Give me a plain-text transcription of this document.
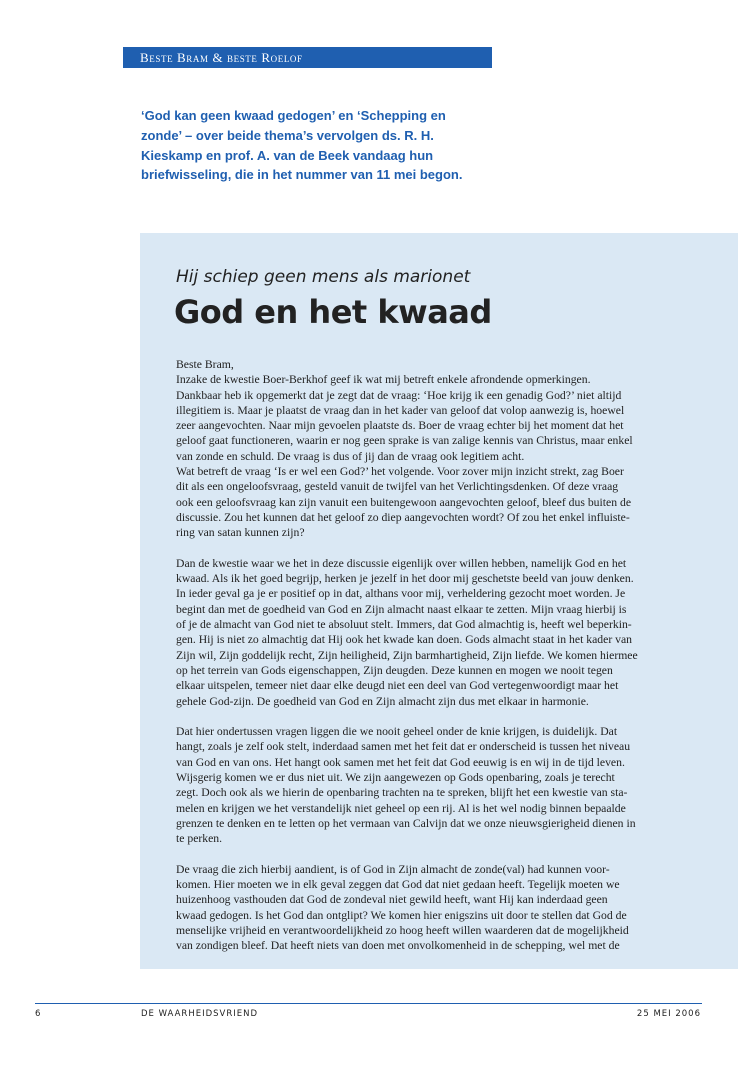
Beste Bram & beste Roelof
‘God kan geen kwaad gedogen’ en ‘Schepping en
zonde’ – over beide thema’s vervolgen ds. R. H.
Kieskamp en prof. A. van de Beek vandaag hun
briefwisseling, die in het nummer van 11 mei begon.
Hij schiep geen mens als marionet
God en het kwaad
Beste Bram,
Inzake de kwestie Boer-Berkhof geef ik wat mij betreft enkele afrondende opmerkingen.
Dankbaar heb ik opgemerkt dat je zegt dat de vraag: ‘Hoe krijg ik een genadig God?’ niet altijd
illegitiem is. Maar je plaatst de vraag dan in het kader van geloof dat volop aanwezig is, hoewel
zeer aangevochten. Naar mijn gevoelen plaatste ds. Boer de vraag echter bij het moment dat het
geloof gaat functioneren, waarin er nog geen sprake is van zalige kennis van Christus, maar enkel
van zonde en schuld. De vraag is dus of jij dan de vraag ook legitiem acht.
Wat betreft de vraag ‘Is er wel een God?’ het volgende. Voor zover mijn inzicht strekt, zag Boer
dit als een ongeloofsvraag, gesteld vanuit de twijfel van het Verlichtingsdenken. Of deze vraag
ook een geloofsvraag kan zijn vanuit een buitengewoon aangevochten geloof, bleef dus buiten de
discussie. Zou het kunnen dat het geloof zo diep aangevochten wordt? Of zou het enkel influiste-
ring van satan kunnen zijn?
Dan de kwestie waar we het in deze discussie eigenlijk over willen hebben, namelijk God en het
kwaad. Als ik het goed begrijp, herken je jezelf in het door mij geschetste beeld van jouw denken.
In ieder geval ga je er positief op in dat, althans voor mij, verheldering gezocht moet worden. Je
begint dan met de goedheid van God en Zijn almacht naast elkaar te zetten. Mijn vraag hierbij is
of je de almacht van God niet te absoluut stelt. Immers, dat God almachtig is, heeft wel beperkin-
gen. Hij is niet zo almachtig dat Hij ook het kwade kan doen. Gods almacht staat in het kader van
Zijn wil, Zijn goddelijk recht, Zijn heiligheid, Zijn barmhartigheid, Zijn liefde. We komen hiermee
op het terrein van Gods eigenschappen, Zijn deugden. Deze kunnen en mogen we nooit tegen
elkaar uitspelen, temeer niet daar elke deugd niet een deel van God vertegenwoordigt maar het
gehele God-zijn. De goedheid van God en Zijn almacht zijn dus met elkaar in harmonie.
Dat hier ondertussen vragen liggen die we nooit geheel onder de knie krijgen, is duidelijk. Dat
hangt, zoals je zelf ook stelt, inderdaad samen met het feit dat er onderscheid is tussen het niveau
van God en van ons. Het hangt ook samen met het feit dat God eeuwig is en wij in de tijd leven.
Wijsgerig komen we er dus niet uit. We zijn aangewezen op Gods openbaring, zoals je terecht
zegt. Doch ook als we hierin de openbaring trachten na te spreken, blijft het een kwestie van sta-
melen en krijgen we het verstandelijk niet geheel op een rij. Al is het wel nodig binnen bepaalde
grenzen te denken en te letten op het vermaan van Calvijn dat we onze nieuwsgierigheid dienen in
te perken.
De vraag die zich hierbij aandient, is of God in Zijn almacht de zonde(val) had kunnen voor-
komen. Hier moeten we in elk geval zeggen dat God dat niet gedaan heeft. Tegelijk moeten we
huizenhoog vasthouden dat God de zondeval niet gewild heeft, want Hij kan inderdaad geen
kwaad gedogen. Is het God dan ontglipt? We komen hier enigszins uit door te stellen dat God de
menselijke vrijheid en verantwoordelijkheid zo hoog heeft willen waarderen dat de mogelijkheid
van zondigen bleef. Dat heeft niets van doen met onvolkomenheid in de schepping, wel met de
6	DE WAARHEIDSVRIEND	25 MEI 2006
